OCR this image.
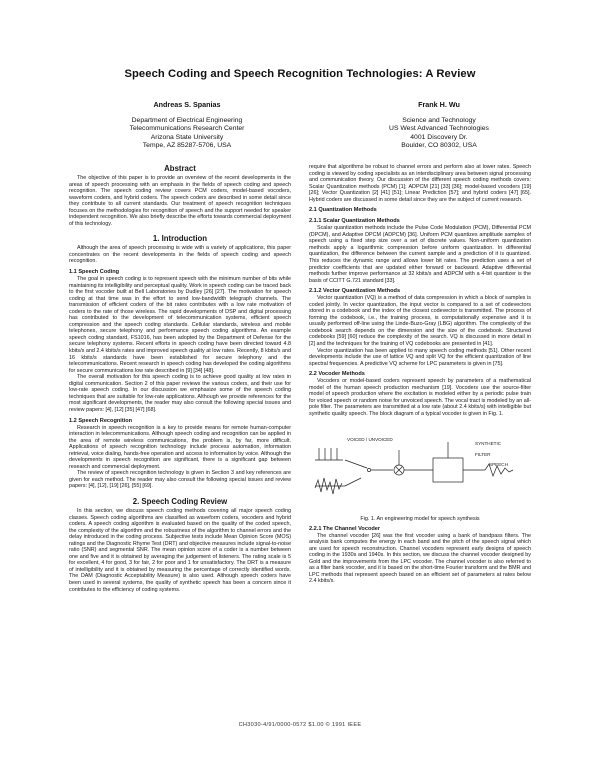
Speech Coding and Speech Recognition Technologies: A Review
Andreas S. Spanias
Department of Electrical Engineering
Telecommunications Research Center
Arizona State University
Tempe, AZ 85287-5706, USA
Frank H. Wu
Science and Technology
US West Advanced Technologies
4001 Discovery Dr.
Boulder, CO 80302, USA
Abstract

The objective of this paper is to provide an overview of the recent developments in the areas of speech processing with an emphasis in the fields of speech coding and speech recognition. The speech coding review covers PCM coders, model-based vocoders, waveform coders, and hybrid coders. The speech coders are described in some detail since they contribute to all current standards. Our treatment of speech recognition techniques focuses on the methodologies for recognition of speech and the support needed for speaker independent recognition. We also briefly describe the efforts towards commercial deployment of this technology.

1. Introduction

Although the area of speech processing is wide with a variety of applications, this paper concentrates on the recent developments in the fields of speech coding and speech recognition.

1.1 Speech Coding

The goal in speech coding is to represent speech with the minimum number of bits while maintaining its intelligibility and perceptual quality. Work in speech coding can be traced back to the first vocoder built at Bell Laboratories by Dudley [26] [27]. The motivation for speech coding at that time was in the effort to send low-bandwidth telegraph channels. The transmission of efficient coders of the bit rates contributes with a low rate motivation of coders to the rate of those wireless. The rapid developments of DSP and digital processing has contributed to the development of telecommunication systems, efficient speech compression and the speech coding standards. Cellular standards, wireless and mobile telephones, secure telephony and performance speech coding algorithms. An example speech coding standard, FS1016, has been adopted by the Department of Defense for the secure telephony systems. Recent efforts in speech coding have been directed toward 4.8 kbits/s and 2.4 kbits/s rates and improved speech quality at low rates. Recently, 8 kbits/s and 16 kbits/s standards have been established for secure telephony and the telecommunications. Recent research in speech coding has developed the coding algorithms for secure communications low rate described in [9] [34] [48].

The overall motivation for this speech coding is to achieve good quality at low rates in digital communication. Section 2 of this paper reviews the various coders, and their use for low-rate speech coding. In our discussion we emphasize some of the speech coding techniques that are suitable for low-rate applications. Although we provide references for the most significant developments, the reader may also consult the following special issues and review papers: [4], [12] [35] [47] [68].

1.2 Speech Recognition

Research in speech recognition is a key to provide means for remote human-computer interaction in telecommunications. Although speech coding and recognition can be applied in the area of remote wireless communications, the problem is, by far, more difficult. Applications of speech recognition technology include process automation, information retrieval, voice dialing, hands-free operation and access to information by voice. Although the developments in speech recognition are significant, there is a significant gap between research and commercial deployment.

The review of speech recognition technology is given in Section 3 and key references are given for each method. The reader may also consult the following special issues and review papers: [4], [12], [19] [26], [55] [69].

2. Speech Coding Review

In this section, we discuss speech coding methods covering all major speech coding classes. Speech coding algorithms are classified as waveform coders, vocoders and hybrid coders. A speech coding algorithm is evaluated based on the quality of the coded speech, the complexity of the algorithm and the robustness of the algorithm to channel errors and the delay introduced in the coding process. Subjective tests include Mean Opinion Score (MOS) ratings and the Diagnostic Rhyme Test (DRT) and objective measures include signal-to-noise ratio (SNR) and segmental SNR. The mean opinion score of a coder is a number between one and five and it is obtained by averaging the judgement of listeners. The rating scale is 5 for excellent, 4 for good, 3 for fair, 2 for poor and 1 for unsatisfactory. The DRT is a measure of intelligibility and it is obtained by measuring the percentage of correctly identified words. The DAM (Diagnostic Acceptability Measure) is also used. Although speech coders have been used in several systems, the quality of synthetic speech has been a concern since it contributes to the efficiency of coding systems.

require that algorithms be robust to channel errors and perform also at lower rates. Speech coding is viewed by coding specialists as an interdisciplinary area between signal processing and communication theory. Our discussion of the different speech coding methods covers: Scalar Quantization methods (PCM) [1]; ADPCM [21] [33] [36]; model-based vocoders [19] [26]; Vector Quantization [2] [41] [51]; Linear Prediction [57]; and hybrid coders [47] [65]. Hybrid coders are discussed in some detail since they are the subject of current research.

2.1 Quantization Methods
2.1.1 Scalar Quantization Methods

Scalar quantization methods include the Pulse Code Modulation (PCM), Differential PCM (DPCM), and Adaptive DPCM (ADPCM) [36]. Uniform PCM quantizes amplitude samples of speech using a fixed step size over a set of discrete values. Non-uniform quantization methods apply a logarithmic compression before uniform quantization. In differential quantization, the difference between the current sample and a prediction of it is quantized. This reduces the dynamic range and allows lower bit rates. The prediction uses a set of predictor coefficients that are updated either forward or backward. Adaptive differential methods further improve performance at 32 kbits/s and ADPCM with a 4-bit quantizer is the basis of CCITT G.721 standard [33].

2.1.2 Vector Quantization Methods

Vector quantization (VQ) is a method of data compression in which a block of samples is coded jointly. In vector quantization, the input vector is compared to a set of codevectors stored in a codebook and the index of the closest codevector is transmitted. The process of forming the codebook, i.e., the training process, is computationally expensive and it is usually performed off-line using the Linde-Buzo-Gray (LBG) algorithm. The complexity of the codebook search depends on the dimension and the size of the codebook. Structured codebooks [59] [60] reduce the complexity of the search. VQ is discussed in more detail in [2] and the techniques for the training of VQ codebooks are presented in [41].

Vector quantization has been applied to many speech coding methods [51]. Other recent developments include the use of lattice VQ and split VQ for the efficient quantization of line spectral frequencies. A predictive VQ scheme for LPC parameters is given in [75].

2.2 Vocoder Methods

Vocoders or model-based coders represent speech by parameters of a mathematical model of the human speech production mechanism [19]. Vocoders use the source-filter model of speech production where the excitation is modeled either by a periodic pulse train for voiced speech or random noise for unvoiced speech. The vocal tract is modeled by an all-pole filter. The parameters are transmitted at a low rate (about 2.4 kbits/s) with intelligible but synthetic quality speech. The block diagram of a typical vocoder is given in Fig. 1.

VOICED / UNVOICED
FILTER
SYNTHETIC
SPEECH
Fig. 1. An engineering model for speech synthesis
2.2.1 The Channel Vocoder

The channel vocoder [26] was the first vocoder using a bank of bandpass filters. The analysis bank computes the energy in each band and the pitch of the speech signal which are used for speech reconstruction. Channel vocoders represent early designs of speech coding in the 1930s and 1940s. In this section, we discuss the channel vocoder designed by Gold and the improvements from the LPC vocoder. The channel vocoder is also referred to as a filter bank vocoder, and it is based on the short-time Fourier transform and the BMR and LPC methods that represent speech based on an efficient set of parameters at rates below 2.4 kbits/s.

CH3030-4/91/0000-0572 $1.00 © 1991 IEEE
